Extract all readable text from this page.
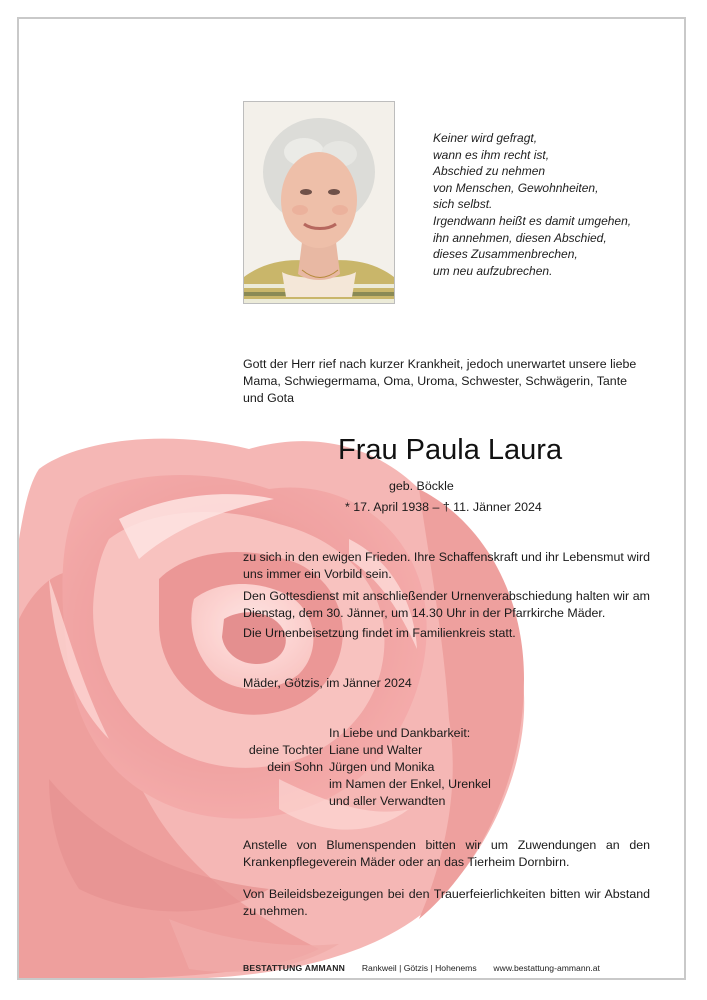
Keiner wird gefragt,
wann es ihm recht ist,
Abschied zu nehmen
von Menschen, Gewohnheiten,
sich selbst.
Irgendwann heißt es damit umgehen,
ihn annehmen, diesen Abschied,
dieses Zusammenbrechen,
um neu aufzubrechen.
Gott der Herr rief nach kurzer Krankheit, jedoch unerwartet unsere liebe Mama, Schwiegermama, Oma, Uroma, Schwester, Schwägerin, Tante und Gota
Frau Paula Laura
geb. Böckle
* 17. April 1938 – † 11. Jänner 2024
zu sich in den ewigen Frieden. Ihre Schaffenskraft und ihr Lebensmut wird uns immer ein Vorbild sein.
Den Gottesdienst mit anschließender Urnenverabschiedung halten wir am Dienstag, dem 30. Jänner, um 14.30 Uhr in der Pfarrkirche Mäder.
Die Urnenbeisetzung findet im Familienkreis statt.
Mäder, Götzis, im Jänner 2024
In Liebe und Dankbarkeit:
deine Tochter Liane und Walter
dein Sohn Jürgen und Monika
im Namen der Enkel, Urenkel
und aller Verwandten
Anstelle von Blumenspenden bitten wir um Zuwendungen an den Krankenpflegeverein Mäder oder an das Tierheim Dornbirn.
Von Beileidsbezeigungen bei den Trauerfeierlichkeiten bitten wir Abstand zu nehmen.
BESTATTUNG AMMANN Rankweil | Götzis | Hohenems www.bestattung-ammann.at
